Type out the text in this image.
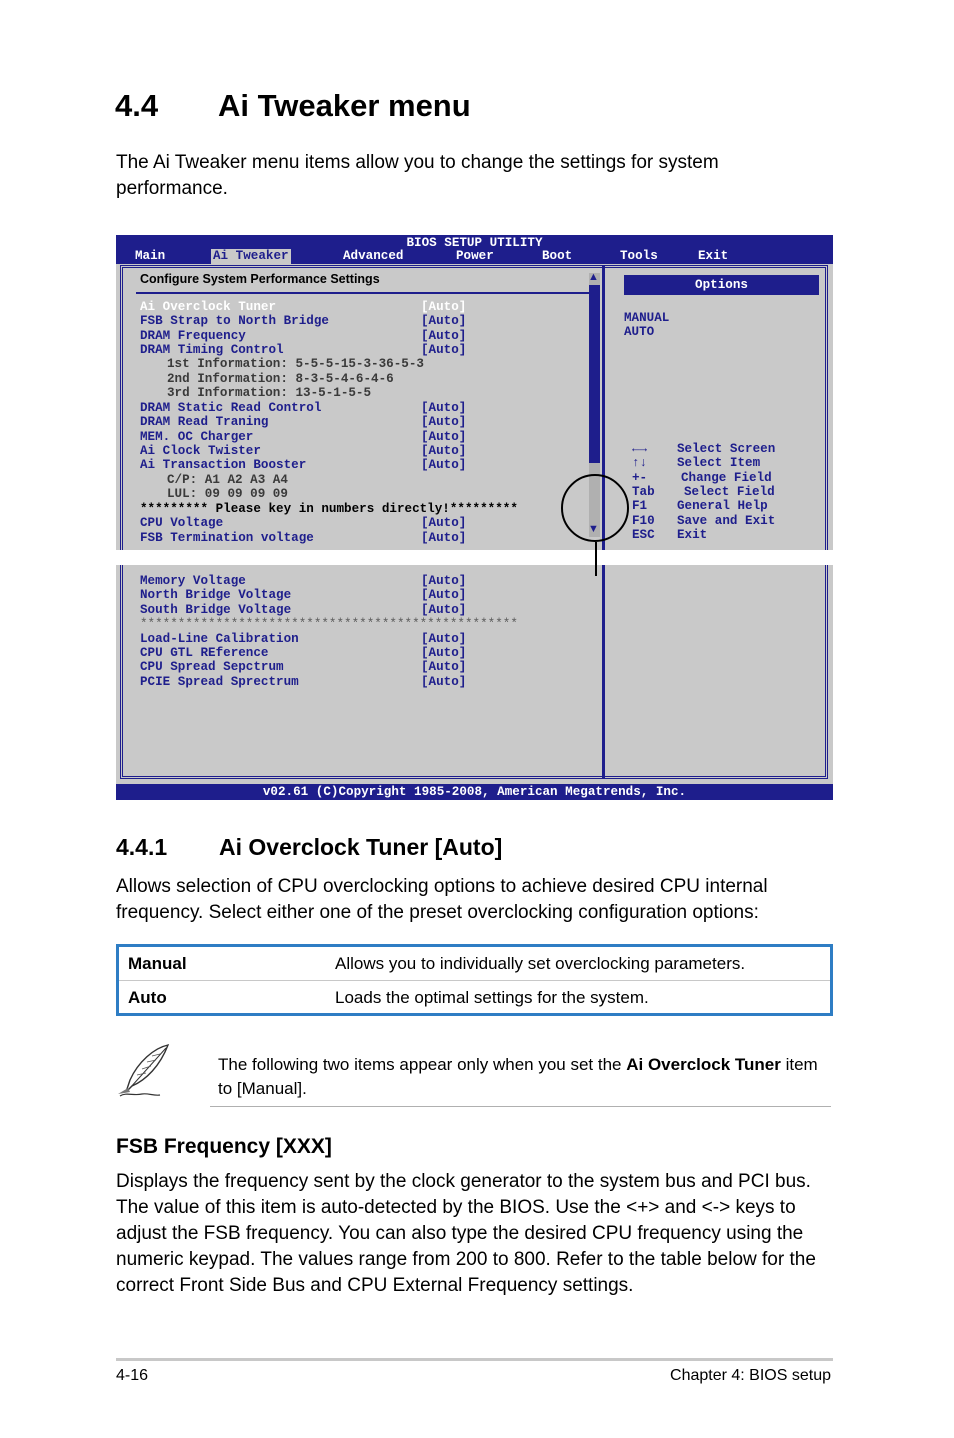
4.4 Ai Tweaker menu

The Ai Tweaker menu items allow you to change the settings for system performance.

BIOS SETUP UTILITY
Main	Ai Tweaker	Advanced	Power	Boot	Tools	Exit
Configure System Performance Settings	▲
▼
Ai Overclock Tuner	[Auto]
FSB Strap to North Bridge	[Auto]
DRAM Frequency	[Auto]
DRAM Timing Control	[Auto]
1st Information: 5-5-5-15-3-36-5-3
2nd Information: 8-3-5-4-6-4-6
3rd Information: 13-5-1-5-5
DRAM Static Read Control	[Auto]
DRAM Read Traning	[Auto]
MEM. OC Charger	[Auto]
Ai Clock Twister	[Auto]
Ai Transaction Booster	[Auto]
C/P: A1 A2 A3 A4
LUL: 09 09 09 09
********* Please key in numbers directly!*********
CPU Voltage	[Auto]
FSB Termination voltage	[Auto]
Memory Voltage	[Auto]
North Bridge Voltage	[Auto]
South Bridge Voltage	[Auto]
**************************************************
Load-Line Calibration	[Auto]
CPU GTL REference	[Auto]
CPU Spread Sepctrum	[Auto]
PCIE Spread Sprectrum	[Auto]
Options
MANUAL
AUTO
←→ Select Screen
↑↓ Select Item
+-	Change Field
Tab Select Field
F1 General Help
F10 Save and Exit
ESC Exit
v02.61 (C)Copyright 1985-2008, American Megatrends, Inc.
4.4.1 Ai Overclock Tuner [Auto]

Allows selection of CPU overclocking options to achieve desired CPU internal frequency. Select either one of the preset overclocking configuration options:

Manual	Allows you to individually set overclocking parameters.
Auto	Loads the optimal settings for the system.

The following two items appear only when you set the Ai Overclock Tuner item to [Manual].

FSB Frequency [XXX]

Displays the frequency sent by the clock generator to the system bus and PCI bus. The value of this item is auto-detected by the BIOS. Use the <+> and <-> keys to adjust the FSB frequency. You can also type the desired CPU frequency using the numeric keypad. The values range from 200 to 800. Refer to the table below for the correct Front Side Bus and CPU External Frequency settings.

4-16	Chapter 4: BIOS setup
